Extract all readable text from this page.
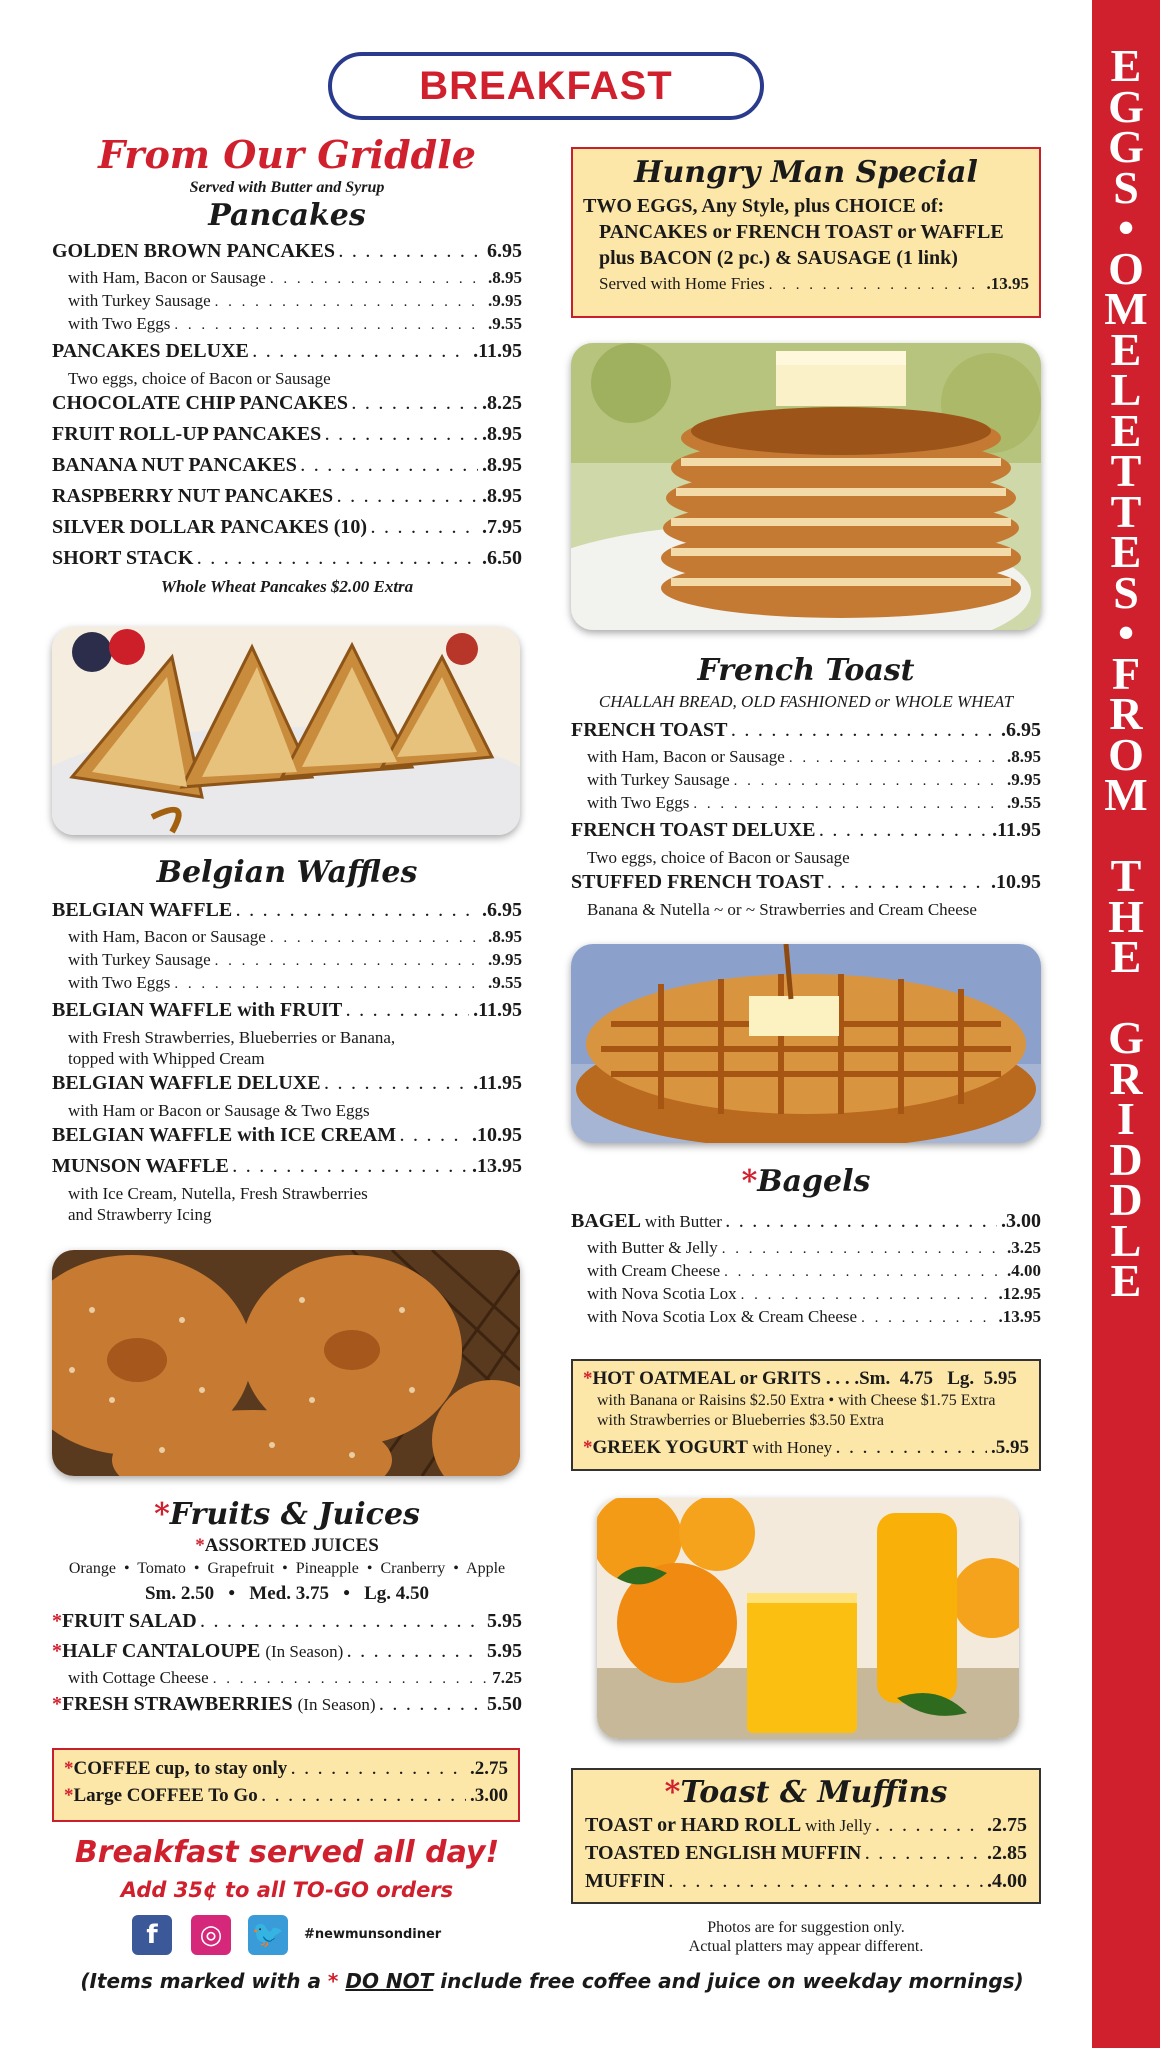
E
G
G
S
•
O
M
E
L
E
T
T
E
S
•
F
R
O
M
T
H
E
G
R
I
D
D
L
E
BREAKFAST
From Our Griddle
Served with Butter and Syrup
Pancakes
GOLDEN BROWN PANCAKES . . .	6.95
with Ham, Bacon or Sausage . . .	.8.95
with Turkey Sausage . . .	.9.95
with Two Eggs . . .	.9.55
PANCAKES DELUXE . . .	.11.95
Two eggs, choice of Bacon or Sausage
CHOCOLATE CHIP PANCAKES . . .	.8.25
FRUIT ROLL-UP PANCAKES . . .	.8.95
BANANA NUT PANCAKES . . .	.8.95
RASPBERRY NUT PANCAKES . . .	.8.95
SILVER DOLLAR PANCAKES (10) . . .	.7.95
SHORT STACK . . .	.6.50
Whole Wheat Pancakes $2.00 Extra
Belgian Waffles
BELGIAN WAFFLE . . .	.6.95
with Ham, Bacon or Sausage . . .	.8.95
with Turkey Sausage . . .	.9.95
with Two Eggs . . .	.9.55
BELGIAN WAFFLE with FRUIT . . .	.11.95
with Fresh Strawberries, Blueberries or Banana,
topped with Whipped Cream
BELGIAN WAFFLE DELUXE . . .	.11.95
with Ham or Bacon or Sausage & Two Eggs
BELGIAN WAFFLE with ICE CREAM . . .	.10.95
MUNSON WAFFLE . . .	.13.95
with Ice Cream, Nutella, Fresh Strawberries
and Strawberry Icing
*Fruits & Juices
*ASSORTED JUICES
Orange  •  Tomato  •  Grapefruit  •  Pineapple  •  Cranberry  •  Apple
Sm. 2.50   •   Med. 3.75   •   Lg. 4.50
*FRUIT SALAD . . .	5.95
*HALF CANTALOUPE (In Season) . . .	5.95
with Cottage Cheese . . .	7.25
*FRESH STRAWBERRIES (In Season) . . .	5.50
*COFFEE cup, to stay only . . .	.2.75
*Large COFFEE To Go . . .	.3.00
Breakfast served all day!
Add 35¢ to all TO-GO orders
#newmunsondiner
Hungry Man Special
TWO EGGS, Any Style, plus CHOICE of:
PANCAKES or FRENCH TOAST or WAFFLE
plus BACON (2 pc.) & SAUSAGE (1 link)
Served with Home Fries . . .	.13.95
French Toast
CHALLAH BREAD, OLD FASHIONED or WHOLE WHEAT
FRENCH TOAST . . .	.6.95
with Ham, Bacon or Sausage . . .	.8.95
with Turkey Sausage . . .	.9.95
with Two Eggs . . .	.9.55
FRENCH TOAST DELUXE . . .	.11.95
Two eggs, choice of Bacon or Sausage
STUFFED FRENCH TOAST . . .	.10.95
Banana & Nutella ~ or ~ Strawberries and Cream Cheese
*Bagels
BAGEL with Butter . . .	.3.00
with Butter & Jelly . . .	.3.25
with Cream Cheese . . .	.4.00
with Nova Scotia Lox . . .	.12.95
with Nova Scotia Lox & Cream Cheese . . .	.13.95
*HOT OATMEAL or GRITS . . . .Sm.  4.75   Lg.  5.95
with Banana or Raisins $2.50 Extra • with Cheese $1.75 Extra
with Strawberries or Blueberries $3.50 Extra
*GREEK YOGURT with Honey . . .	.5.95
*Toast & Muffins
TOAST or HARD ROLL with Jelly . . .	.2.75
TOASTED ENGLISH MUFFIN . . .	.2.85
MUFFIN . . .	.4.00
Photos are for suggestion only.
Actual platters may appear different.
(Items marked with a * DO NOT include free coffee and juice on weekday mornings)
f	◎	🐦
